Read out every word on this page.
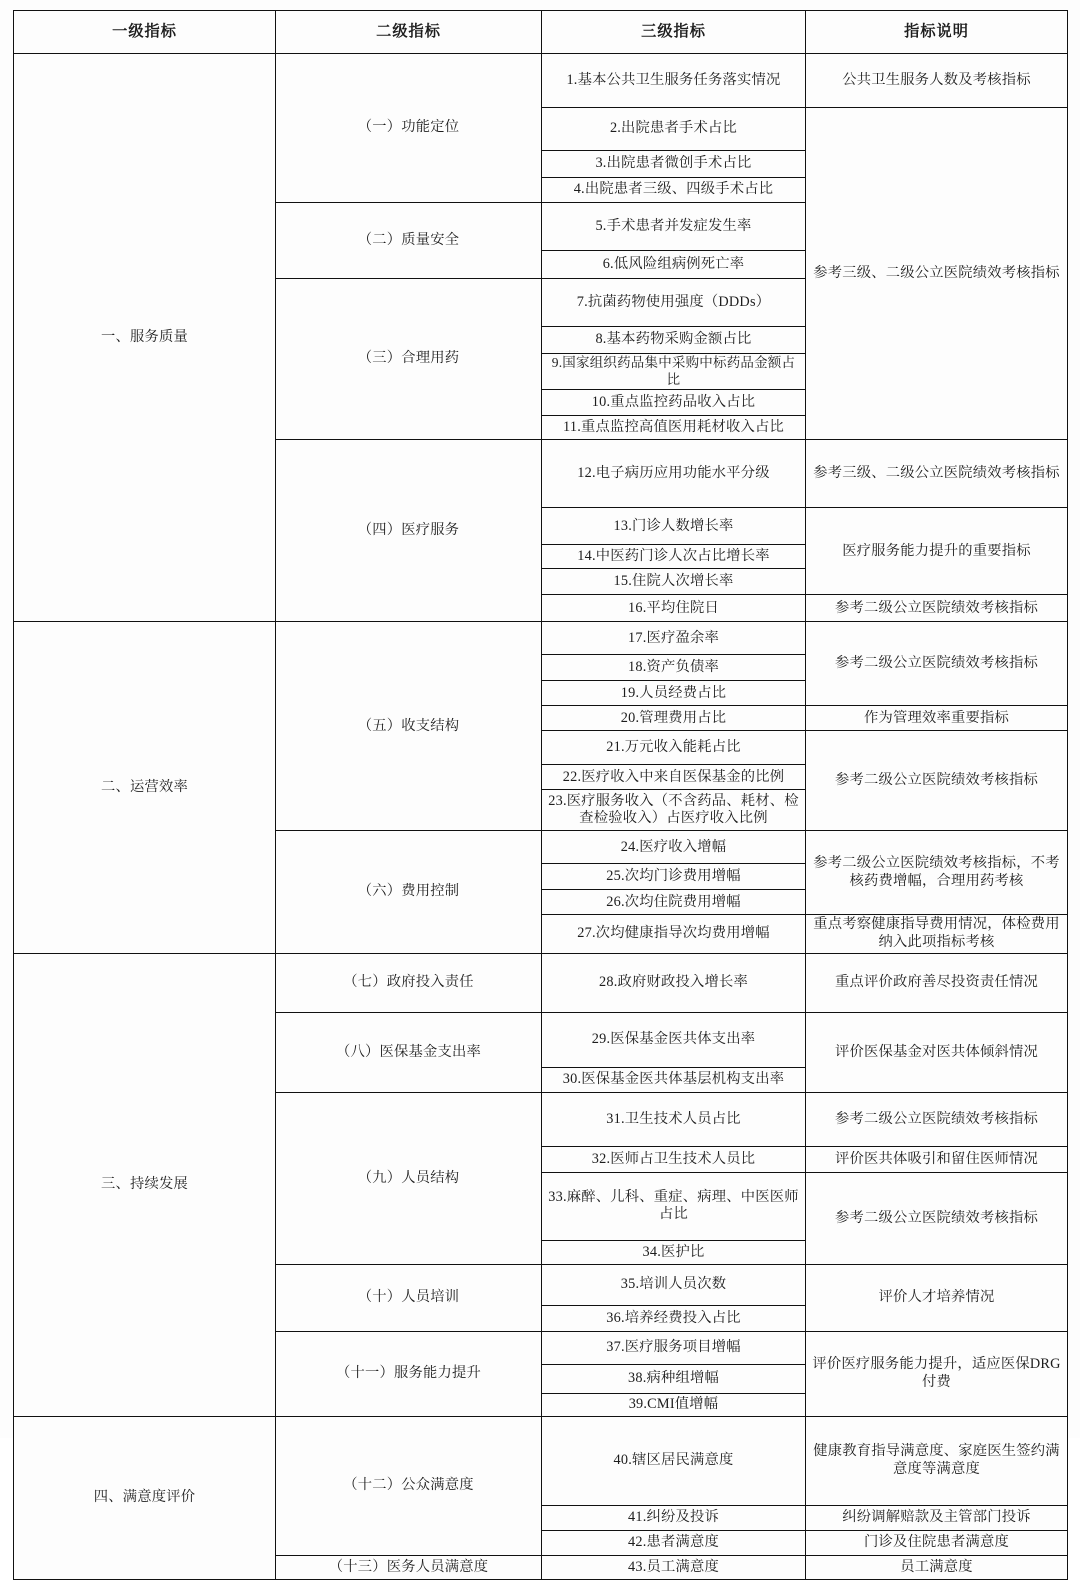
一级指标	二级指标	三级指标	指标说明
一、服务质量	（一）功能定位	1.基本公共卫生服务任务落实情况	公共卫生服务人数及考核指标
		2.出院患者手术占比	参考三级、二级公立医院绩效考核指标
		3.出院患者微创手术占比	
		4.出院患者三级、四级手术占比	
	（二）质量安全	5.手术患者并发症发生率	
		6.低风险组病例死亡率	
	（三）合理用药	7.抗菌药物使用强度（DDDs）	
		8.基本药物采购金额占比	
		9.国家组织药品集中采购中标药品金额占比	
		10.重点监控药品收入占比	
		11.重点监控高值医用耗材收入占比	
	（四）医疗服务	12.电子病历应用功能水平分级	参考三级、二级公立医院绩效考核指标
		13.门诊人数增长率	医疗服务能力提升的重要指标
		14.中医药门诊人次占比增长率	
		15.住院人次增长率	
		16.平均住院日	参考二级公立医院绩效考核指标
二、运营效率	（五）收支结构	17.医疗盈余率	参考二级公立医院绩效考核指标
		18.资产负债率	
		19.人员经费占比	
		20.管理费用占比	作为管理效率重要指标
		21.万元收入能耗占比	参考二级公立医院绩效考核指标
		22.医疗收入中来自医保基金的比例	
		23.医疗服务收入（不含药品、耗材、检查检验收入）占医疗收入比例	
	（六）费用控制	24.医疗收入增幅	参考二级公立医院绩效考核指标，不考核药费增幅，合理用药考核
		25.次均门诊费用增幅	
		26.次均住院费用增幅	
		27.次均健康指导次均费用增幅	重点考察健康指导费用情况，体检费用纳入此项指标考核
三、持续发展	（七）政府投入责任	28.政府财政投入增长率	重点评价政府善尽投资责任情况
	（八）医保基金支出率	29.医保基金医共体支出率	评价医保基金对医共体倾斜情况
		30.医保基金医共体基层机构支出率	
	（九）人员结构	31.卫生技术人员占比	参考二级公立医院绩效考核指标
		32.医师占卫生技术人员比	评价医共体吸引和留住医师情况
		33.麻醉、儿科、重症、病理、中医医师占比	参考二级公立医院绩效考核指标
		34.医护比	
	（十）人员培训	35.培训人员次数	评价人才培养情况
		36.培养经费投入占比	
	（十一）服务能力提升	37.医疗服务项目增幅	评价医疗服务能力提升，适应医保DRG付费
		38.病种组增幅	
		39.CMI值增幅	
四、满意度评价	（十二）公众满意度	40.辖区居民满意度	健康教育指导满意度、家庭医生签约满意度等满意度
		41.纠纷及投诉	纠纷调解赔款及主管部门投诉
		42.患者满意度	门诊及住院患者满意度
	（十三）医务人员满意度	43.员工满意度	员工满意度
